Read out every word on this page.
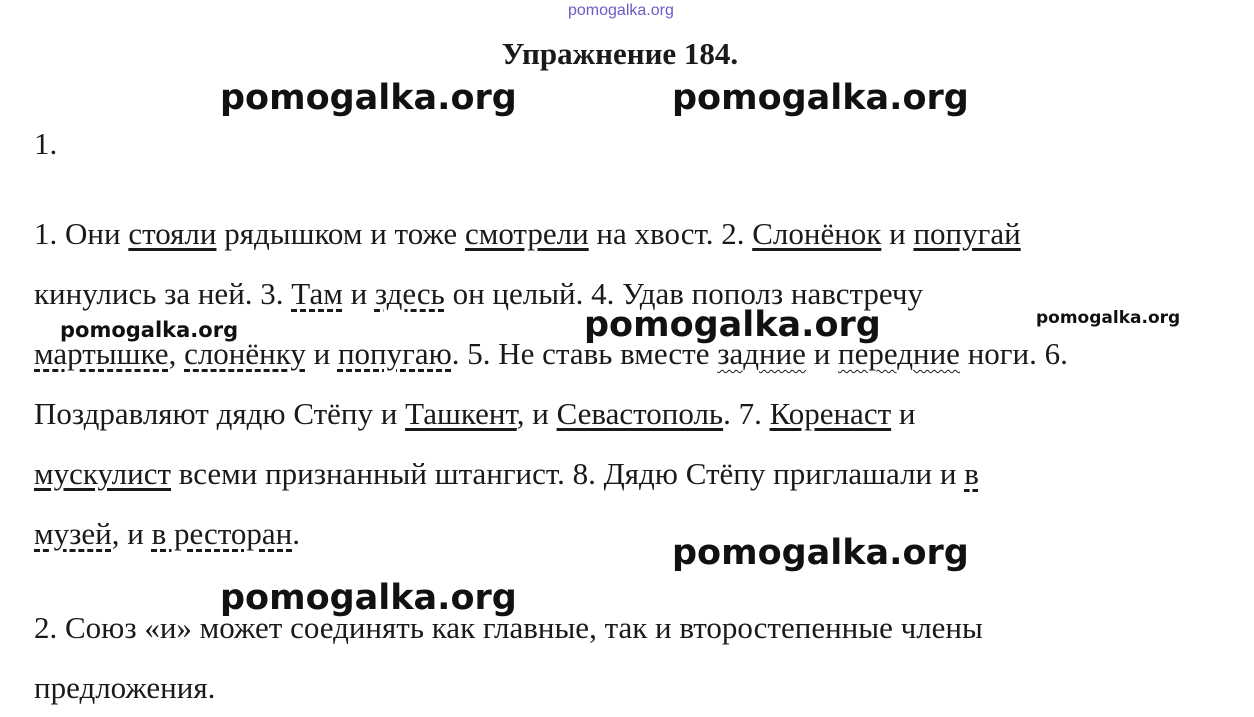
pomogalka.org
Упражнение 184.
pomogalka.org	pomogalka.org
1.
1. Они стояли рядышком и тоже смотрели на хвост. 2. Слонёнок и попугай
кинулись за ней. 3. Там и здесь он целый. 4. Удав пополз навстречу
pomogalka.org	pomogalka.org	pomogalka.org
мартышке, слонёнку и попугаю. 5. Не ставь вместе задние и передние ноги. 6.
Поздравляют дядю Стёпу и Ташкент, и Севастополь. 7. Коренаст и
мускулист всеми признанный штангист. 8. Дядю Стёпу приглашали и в
музей, и в ресторан.	pomogalka.org
pomogalka.org
2. Союз «и» может соединять как главные, так и второстепенные члены
предложения.
